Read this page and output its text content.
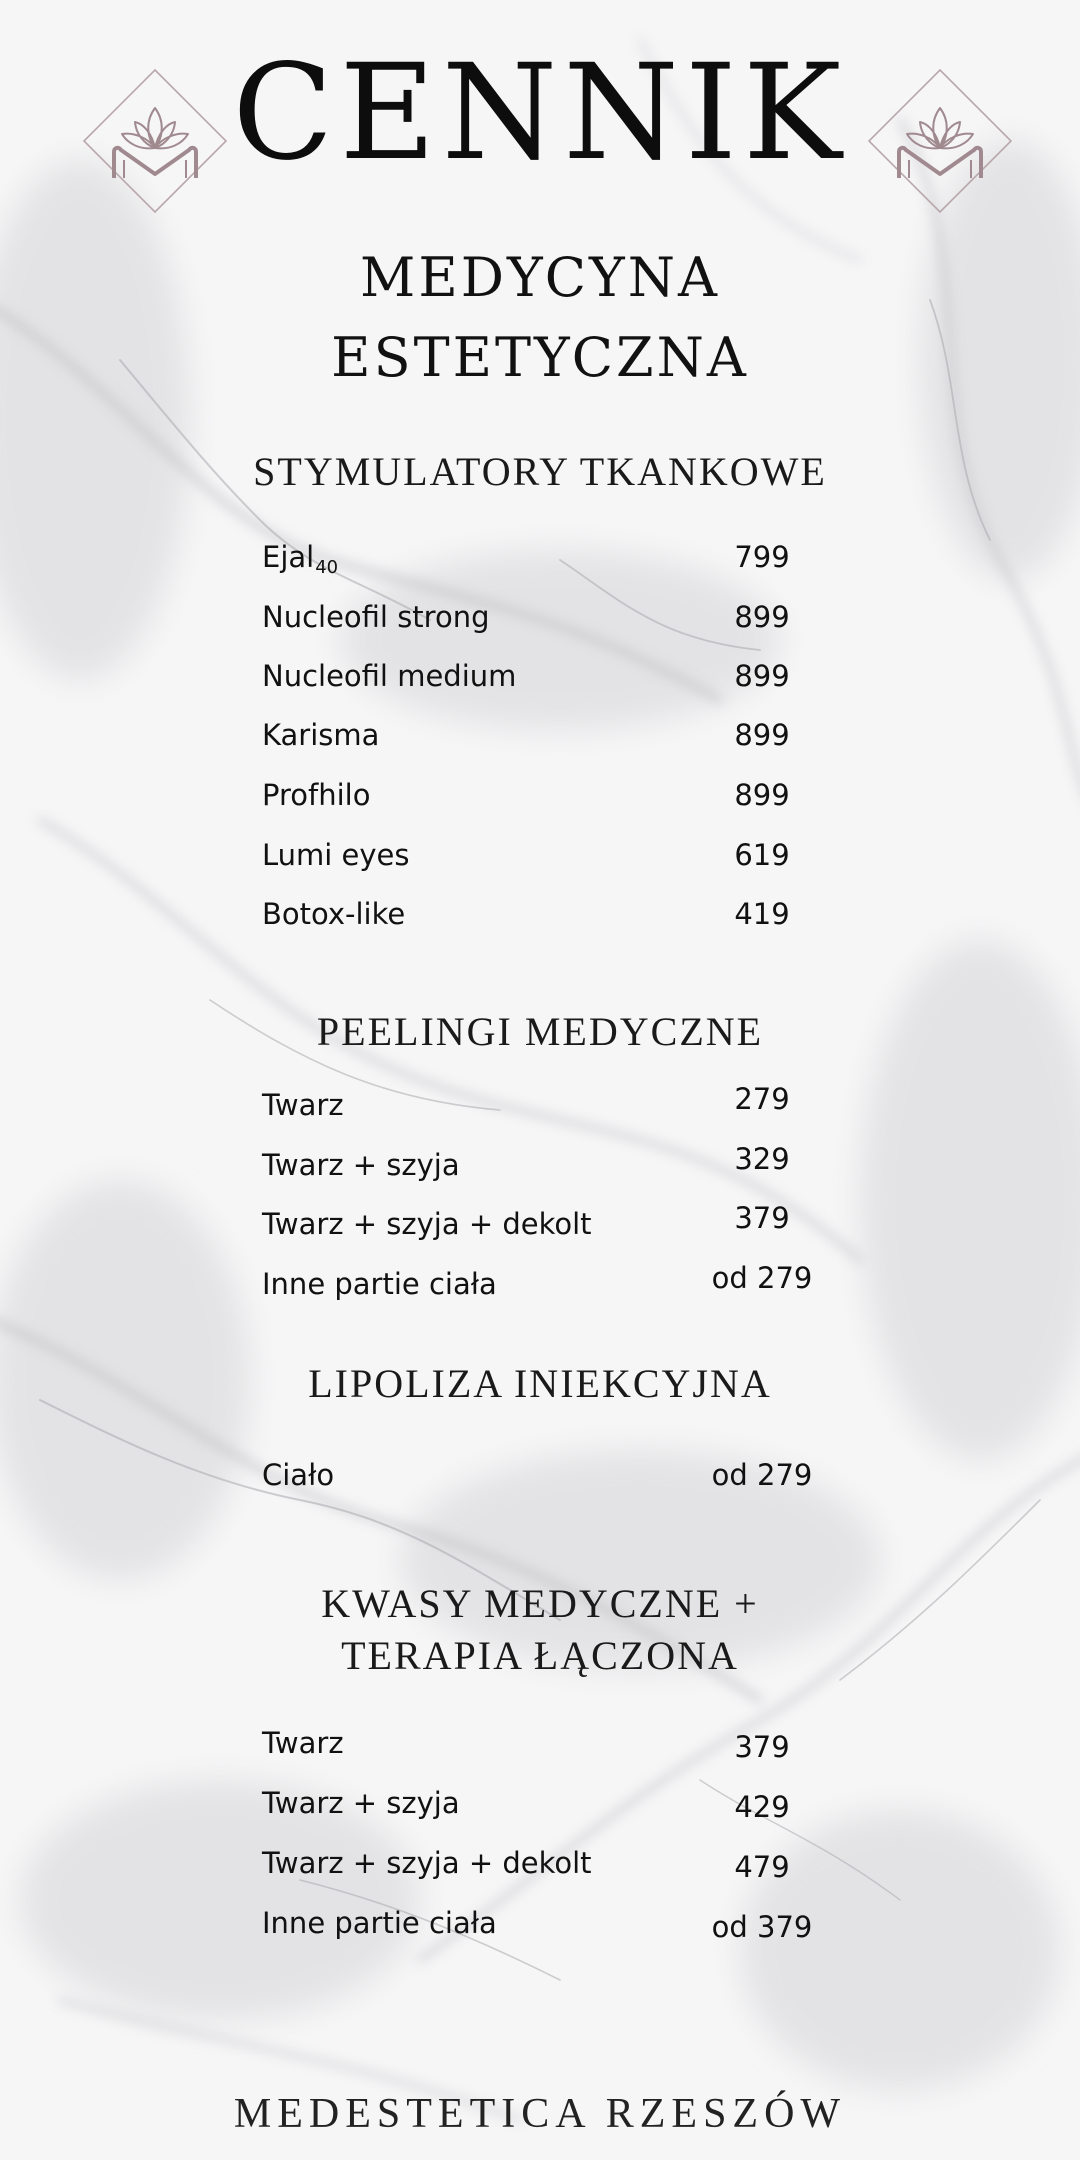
CENNIK
MEDYCYNA
ESTETYCZNA
STYMULATORY TKANKOWE
Ejal$_{40}$	799
Nucleofil strong	899
Nucleofil medium	899
Karisma	899
Profhilo	899
Lumi eyes	619
Botox-like	419
PEELINGI MEDYCZNE
Twarz	279
Twarz + szyja	329
Twarz + szyja + dekolt	379
Inne partie ciała	od 279
LIPOLIZA INIEKCYJNA
Ciało	od 279
KWASY MEDYCZNE +
TERAPIA ŁĄCZONA
Twarz	379
Twarz + szyja	429
Twarz + szyja + dekolt	479
Inne partie ciała	od 379
MEDESTETICA RZESZÓW
